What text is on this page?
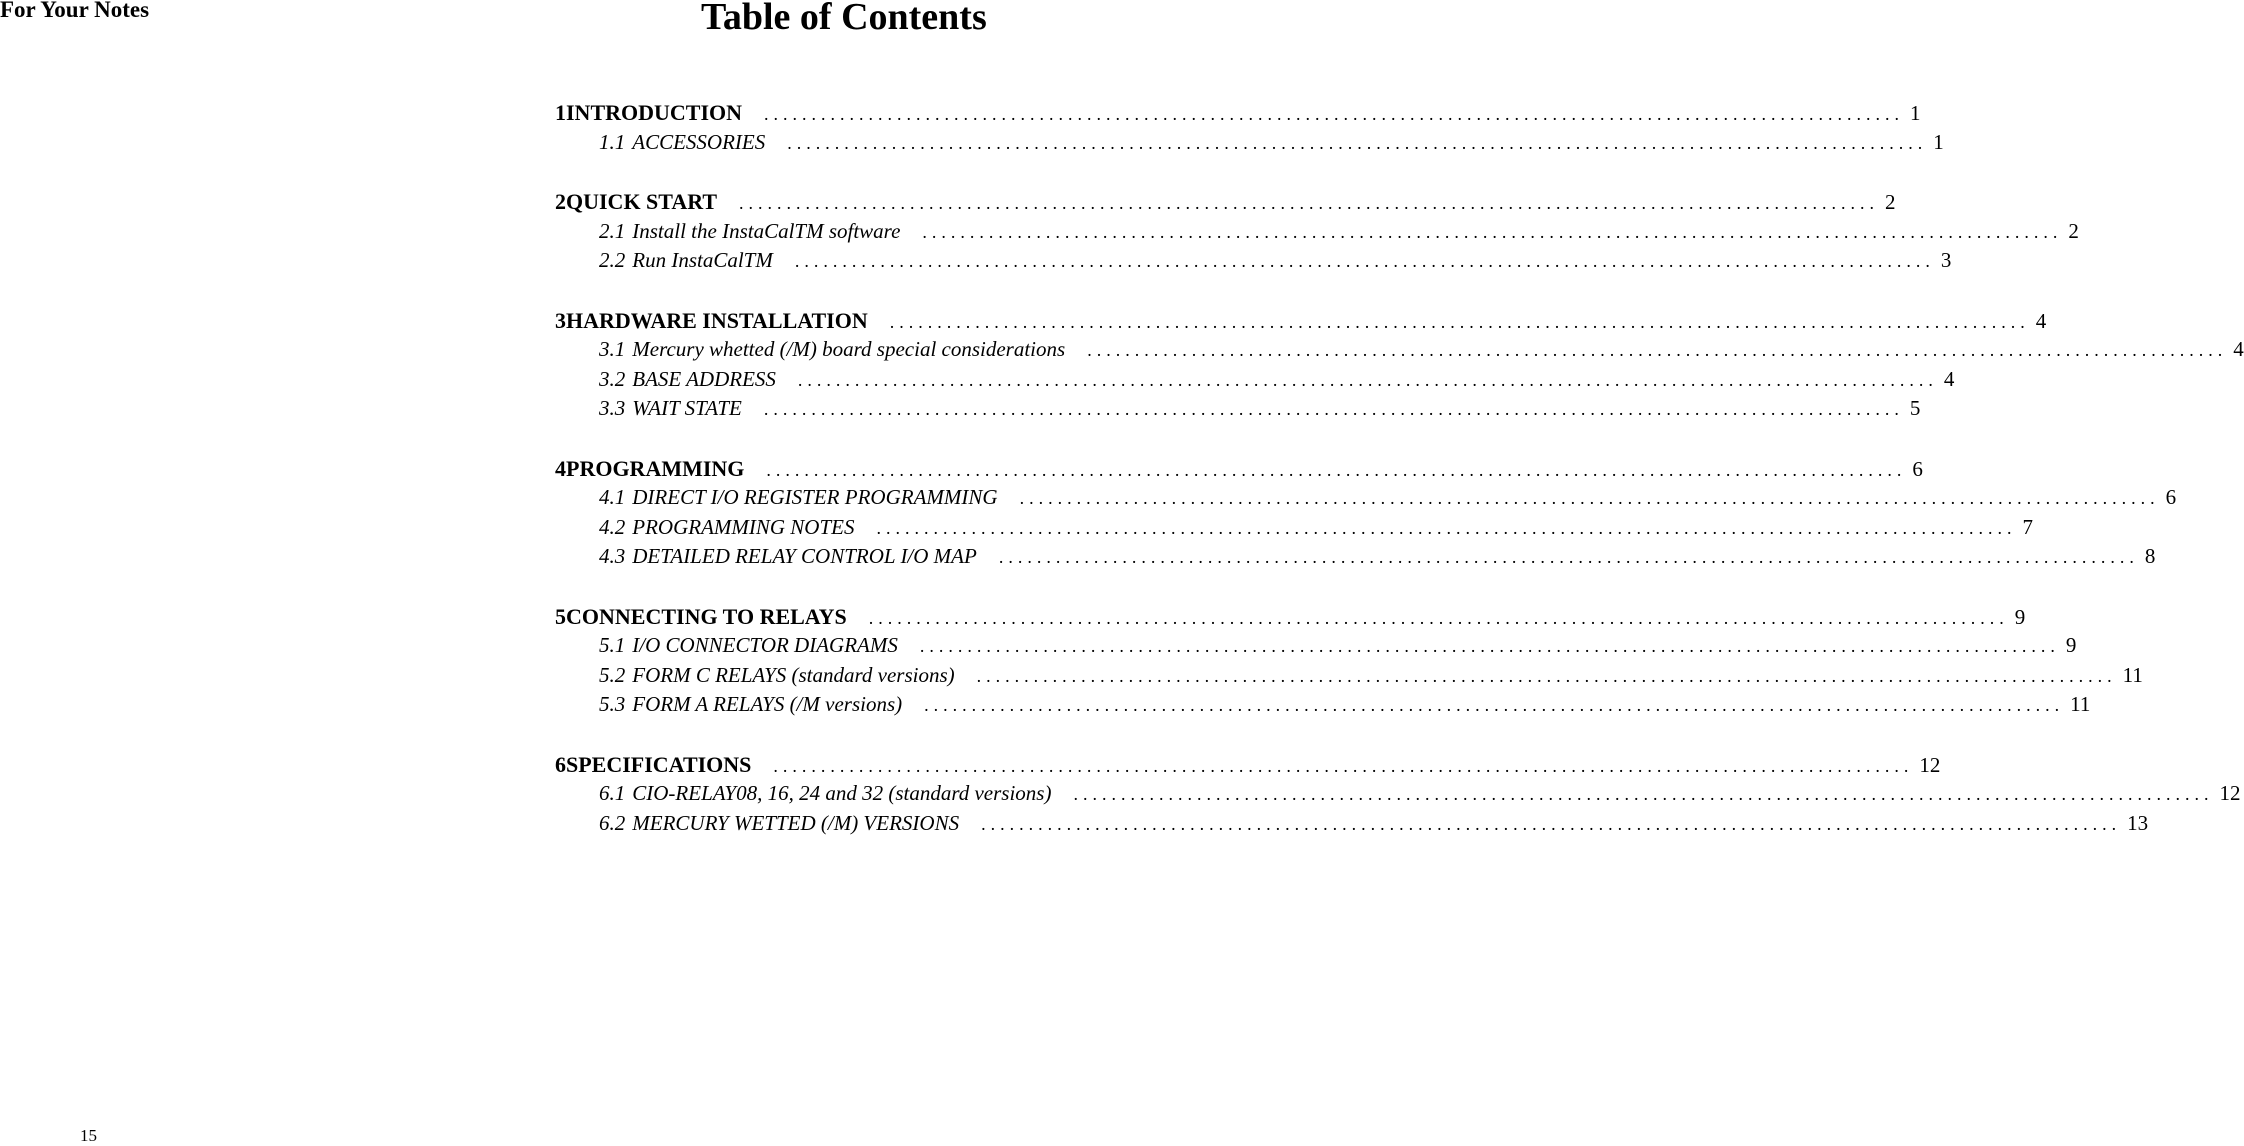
For Your Notes
15
Table of Contents
1 INTRODUCTION	........................................................................................................................ 1
1.1 ACCESSORIES	........................................................................................................................ 1
2 QUICK START	........................................................................................................................ 2
2.1 Install the InstaCalTM software	........................................................................................................................ 2
2.2 Run InstaCalTM	........................................................................................................................ 3
3 HARDWARE INSTALLATION	........................................................................................................................ 4
3.1 Mercury whetted (/M) board special considerations	........................................................................................................................ 4
3.2 BASE ADDRESS	........................................................................................................................ 4
3.3 WAIT STATE	........................................................................................................................ 5
4 PROGRAMMING	........................................................................................................................ 6
4.1 DIRECT I/O REGISTER PROGRAMMING	........................................................................................................................ 6
4.2 PROGRAMMING NOTES	........................................................................................................................ 7
4.3 DETAILED RELAY CONTROL I/O MAP	........................................................................................................................ 8
5 CONNECTING TO RELAYS	........................................................................................................................ 9
5.1 I/O CONNECTOR DIAGRAMS	........................................................................................................................ 9
5.2 FORM C RELAYS (standard versions)	........................................................................................................................ 11
5.3 FORM A RELAYS (/M versions)	........................................................................................................................ 11
6 SPECIFICATIONS	........................................................................................................................ 12
6.1 CIO-RELAY08, 16, 24 and 32 (standard versions)	........................................................................................................................ 12
6.2 MERCURY WETTED (/M) VERSIONS	........................................................................................................................ 13
